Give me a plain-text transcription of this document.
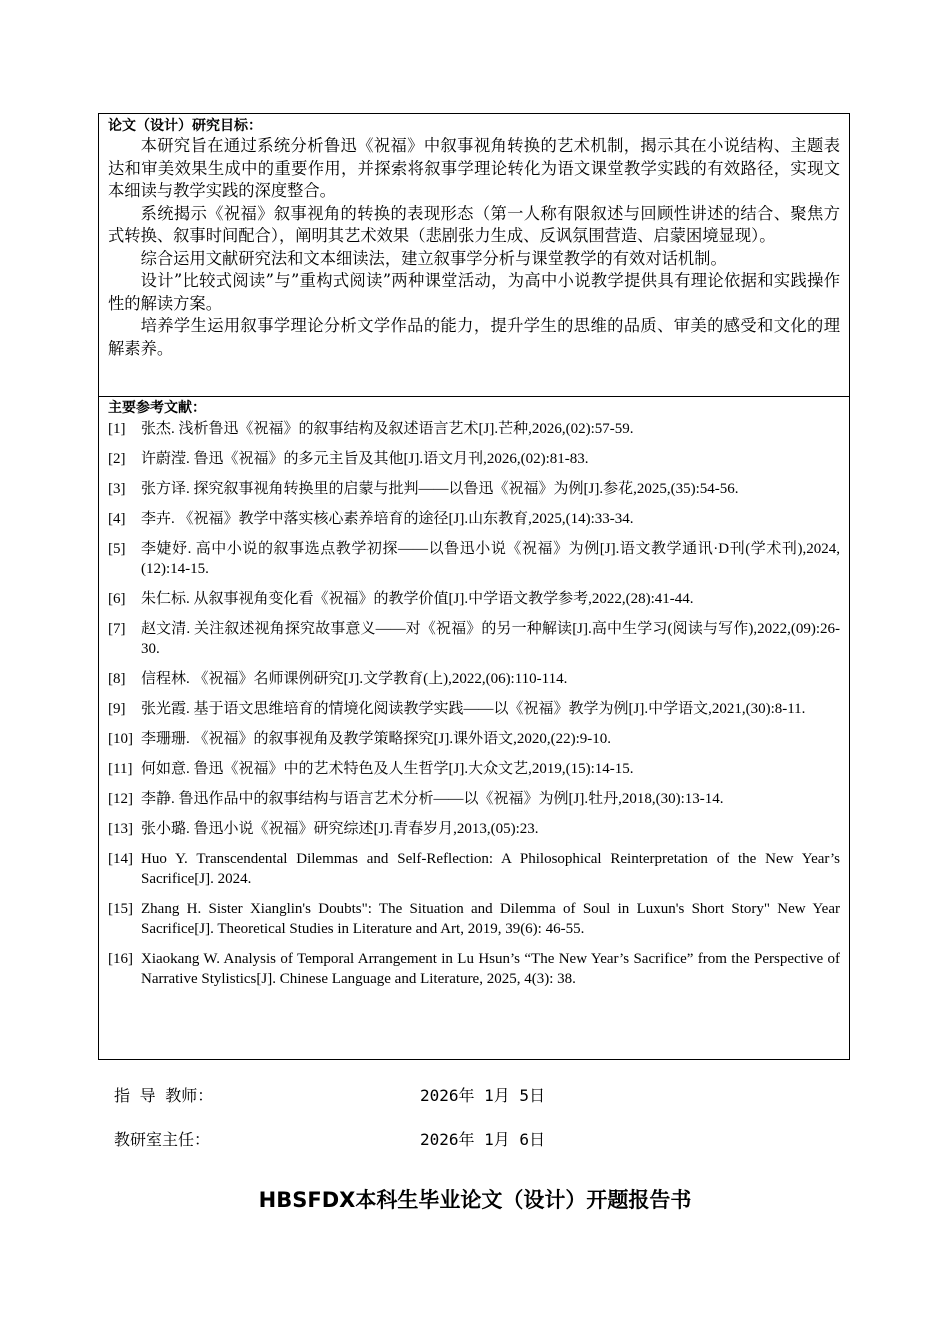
论文（设计）研究目标：

本研究旨在通过系统分析鲁迅《祝福》中叙事视角转换的艺术机制，揭示其在小说结构、主题表达和审美效果生成中的重要作用，并探索将叙事学理论转化为语文课堂教学实践的有效路径，实现文本细读与教学实践的深度整合。

系统揭示《祝福》叙事视角的转换的表现形态（第一人称有限叙述与回顾性讲述的结合、聚焦方式转换、叙事时间配合），阐明其艺术效果（悲剧张力生成、反讽氛围营造、启蒙困境显现）。

综合运用文献研究法和文本细读法，建立叙事学分析与课堂教学的有效对话机制。

设计”比较式阅读”与”重构式阅读”两种课堂活动，为高中小说教学提供具有理论依据和实践操作性的解读方案。

培养学生运用叙事学理论分析文学作品的能力，提升学生的思维的品质、审美的感受和文化的理解素养。

主要参考文献：
[1]	张杰. 浅析鲁迅《祝福》的叙事结构及叙述语言艺术[J].芒种,2026,(02):57-59.
[2]	许蔚滢. 鲁迅《祝福》的多元主旨及其他[J].语文月刊,2026,(02):81-83.
[3]	张方译. 探究叙事视角转换里的启蒙与批判——以鲁迅《祝福》为例[J].参花,2025,(35):54-56.
[4]	李卉. 《祝福》教学中落实核心素养培育的途径[J].山东教育,2025,(14):33-34.
[5]	李婕妤. 高中小说的叙事选点教学初探——以鲁迅小说《祝福》为例[J].语文教学通讯·D刊(学术刊),2024,(12):14-15.
[6]	朱仁标. 从叙事视角变化看《祝福》的教学价值[J].中学语文教学参考,2022,(28):41-44.
[7]	赵文清. 关注叙述视角探究故事意义——对《祝福》的另一种解读[J].高中生学习(阅读与写作),2022,(09):26-30.
[8]	信程林. 《祝福》名师课例研究[J].文学教育(上),2022,(06):110-114.
[9]	张光霞. 基于语文思维培育的情境化阅读教学实践——以《祝福》教学为例[J].中学语文,2021,(30):8-11.
[10] 李珊珊. 《祝福》的叙事视角及教学策略探究[J].课外语文,2020,(22):9-10.
[11] 何如意. 鲁迅《祝福》中的艺术特色及人生哲学[J].大众文艺,2019,(15):14-15.
[12] 李静. 鲁迅作品中的叙事结构与语言艺术分析——以《祝福》为例[J].牡丹,2018,(30):13-14.
[13] 张小璐. 鲁迅小说《祝福》研究综述[J].青春岁月,2013,(05):23.
[14] Huo Y. Transcendental Dilemmas and Self-Reflection: A Philosophical Reinterpretation of the New Year’s Sacrifice[J]. 2024.
[15] Zhang H. Sister Xianglin's Doubts": The Situation and Dilemma of Soul in Luxun's Short Story" New Year Sacrifice[J]. Theoretical Studies in Literature and Art, 2019, 39(6): 46-55.
[16] Xiaokang W. Analysis of Temporal Arrangement in Lu Hsun’s “The New Year’s Sacrifice” from the Perspective of Narrative Stylistics[J]. Chinese Language and Literature, 2025, 4(3): 38.
指 导 教师：	2026年 1月 5日
教研室主任：	2026年 1月 6日
HBSFDX本科生毕业论文（设计）开题报告书
